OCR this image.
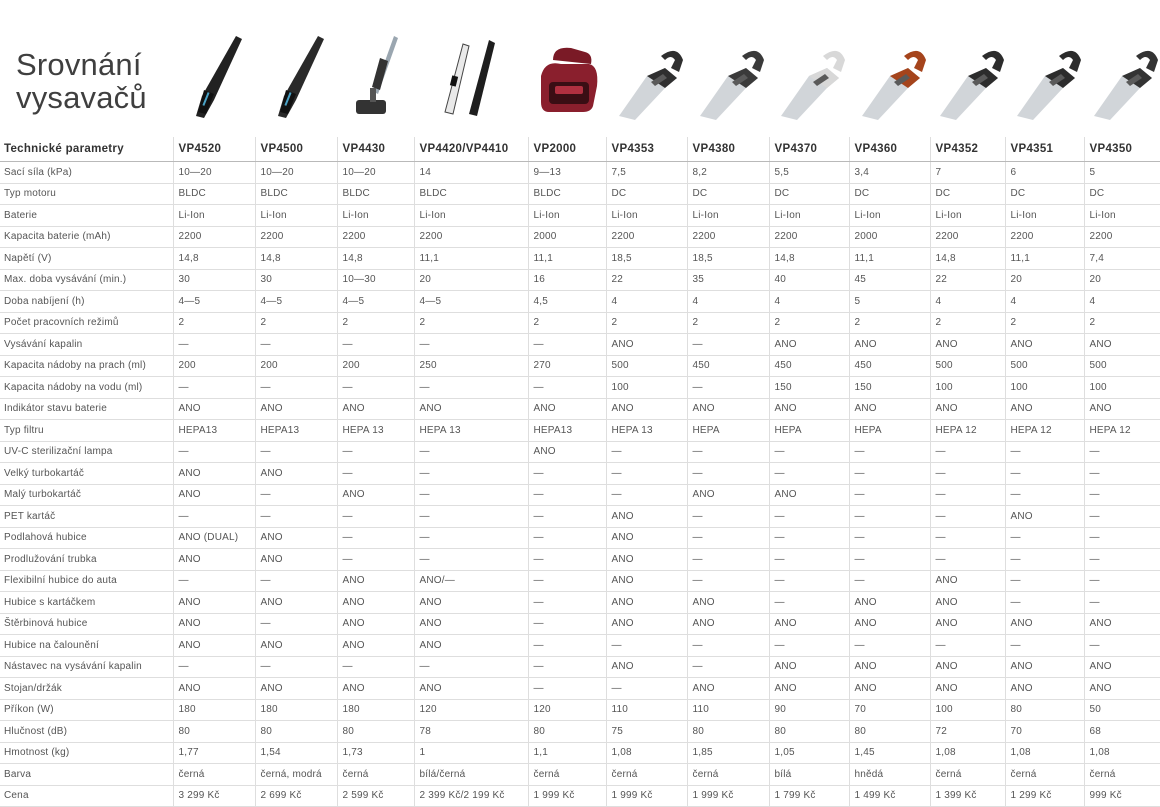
Srovnání
vysavačů
Technické parametry	VP4520	VP4500	VP4430	VP4420/VP4410	VP2000	VP4353	VP4380	VP4370	VP4360	VP4352	VP4351	VP4350
Sací síla (kPa)	10—20	10—20	10—20	14	9—13	7,5	8,2	5,5	3,4	7	6	5
Typ motoru	BLDC	BLDC	BLDC	BLDC	BLDC	DC	DC	DC	DC	DC	DC	DC
Baterie	Li-Ion	Li-Ion	Li-Ion	Li-Ion	Li-Ion	Li-Ion	Li-Ion	Li-Ion	Li-Ion	Li-Ion	Li-Ion	Li-Ion
Kapacita baterie (mAh)	2200	2200	2200	2200	2000	2200	2200	2200	2000	2200	2200	2200
Napětí (V)	14,8	14,8	14,8	11,1	11,1	18,5	18,5	14,8	11,1	14,8	11,1	7,4
Max. doba vysávání (min.)	30	30	10—30	20	16	22	35	40	45	22	20	20
Doba nabíjení (h)	4—5	4—5	4—5	4—5	4,5	4	4	4	5	4	4	4
Počet pracovních režimů	2	2	2	2	2	2	2	2	2	2	2	2
Vysávání kapalin	—	—	—	—	—	ANO	—	ANO	ANO	ANO	ANO	ANO
Kapacita nádoby na prach (ml)	200	200	200	250	270	500	450	450	450	500	500	500
Kapacita nádoby na vodu (ml)	—	—	—	—	—	100	—	150	150	100	100	100
Indikátor stavu baterie	ANO	ANO	ANO	ANO	ANO	ANO	ANO	ANO	ANO	ANO	ANO	ANO
Typ filtru	HEPA13	HEPA13	HEPA 13	HEPA 13	HEPA13	HEPA 13	HEPA	HEPA	HEPA	HEPA 12	HEPA 12	HEPA 12
UV-C sterilizační lampa	—	—	—	—	ANO	—	—	—	—	—	—	—
Velký turbokartáč	ANO	ANO	—	—	—	—	—	—	—	—	—	—
Malý turbokartáč	ANO	—	ANO	—	—	—	ANO	ANO	—	—	—	—
PET kartáč	—	—	—	—	—	ANO	—	—	—	—	ANO	—
Podlahová hubice	ANO (DUAL)	ANO	—	—	—	ANO	—	—	—	—	—	—
Prodlužování trubka	ANO	ANO	—	—	—	ANO	—	—	—	—	—	—
Flexibilní hubice do auta	—	—	ANO	ANO/—	—	ANO	—	—	—	ANO	—	—
Hubice s kartáčkem	ANO	ANO	ANO	ANO	—	ANO	ANO	—	ANO	ANO	—	—
Štěrbinová hubice	ANO	—	ANO	ANO	—	ANO	ANO	ANO	ANO	ANO	ANO	ANO
Hubice na čalounění	ANO	ANO	ANO	ANO	—	—	—	—	—	—	—	—
Nástavec na vysávání kapalin	—	—	—	—	—	ANO	—	ANO	ANO	ANO	ANO	ANO
Stojan/držák	ANO	ANO	ANO	ANO	—	—	ANO	ANO	ANO	ANO	ANO	ANO
Příkon (W)	180	180	180	120	120	110	110	90	70	100	80	50
Hlučnost (dB)	80	80	80	78	80	75	80	80	80	72	70	68
Hmotnost (kg)	1,77	1,54	1,73	1	1,1	1,08	1,85	1,05	1,45	1,08	1,08	1,08
Barva	černá	černá, modrá	černá	bílá/černá	černá	černá	černá	bílá	hnědá	černá	černá	černá
Cena	3 299 Kč	2 699 Kč	2 599 Kč	2 399 Kč/2 199 Kč	1 999 Kč	1 999 Kč	1 999 Kč	1 799 Kč	1 499 Kč	1 399 Kč	1 299 Kč	999 Kč
